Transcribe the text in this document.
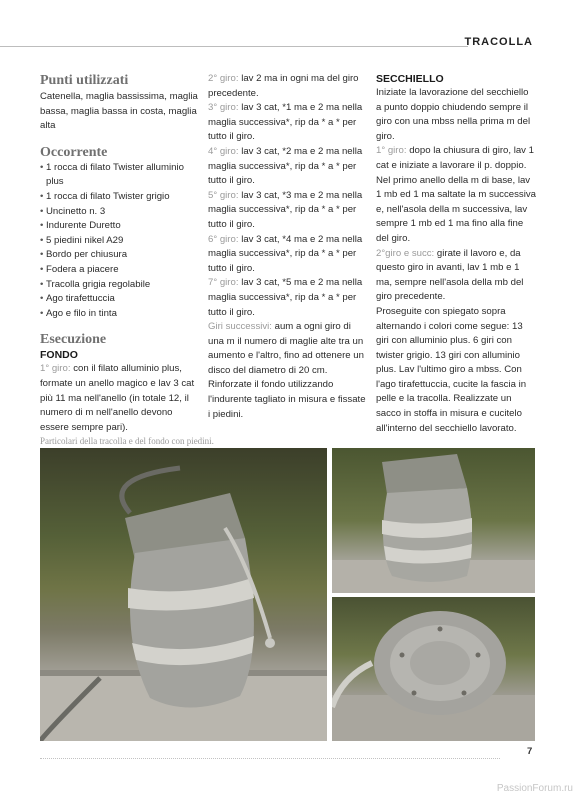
TRACOLLA
Punti utilizzati

Catenella, maglia bassissima, maglia bassa, maglia bassa in costa, maglia alta

Occorrente
• 1 rocca di filato Twister alluminio plus
• 1 rocca di filato Twister grigio
• Uncinetto n. 3
• Indurente Duretto
• 5 piedini nikel A29
• Bordo per chiusura
• Fodera a piacere
• Tracolla grigia regolabile
• Ago tirafettuccia
• Ago e filo in tinta
Esecuzione
FONDO

1° giro: con il filato alluminio plus, formate un anello magico e lav 3 cat più 11 ma nell'anello (in totale 12, il numero di m nell'anello devono essere sempre pari).

2° giro: lav 2 ma in ogni ma del giro precedente.

3° giro: lav 3 cat, *1 ma e 2 ma nella maglia successiva*, rip da * a * per tutto il giro.

4° giro: lav 3 cat, *2 ma e 2 ma nella maglia successiva*, rip da * a * per tutto il giro.

5° giro: lav 3 cat, *3 ma e 2 ma nella maglia successiva*, rip da * a * per tutto il giro.

6° giro: lav 3 cat, *4 ma e 2 ma nella maglia successiva*, rip da * a * per tutto il giro.

7° giro: lav 3 cat, *5 ma e 2 ma nella maglia successiva*, rip da * a * per tutto il giro.

Giri successivi: aum a ogni giro di una m il numero di maglie alte tra un aumento e l'altro, fino ad ottenere un disco del diametro di 20 cm.

Rinforzate il fondo utilizzando l'indurente tagliato in misura e fissate i piedini.

SECCHIELLO

Iniziate la lavorazione del secchiello a punto doppio chiudendo sempre il giro con una mbss nella prima m del giro.

1° giro: dopo la chiusura di giro, lav 1 cat e iniziate a lavorare il p. doppio. Nel primo anello della m di base, lav 1 mb ed 1 ma saltate la m successiva e, nell'asola della m successiva, lav sempre 1 mb ed 1 ma fino alla fine del giro.

2°giro e succ: girate il lavoro e, da questo giro in avanti, lav 1 mb e 1 ma, sempre nell'asola della mb del giro precedente.

Proseguite con spiegato sopra alternando i colori come segue: 13 giri con alluminio plus. 6 giri con twister grigio. 13 giri con alluminio plus. Lav l'ultimo giro a mbss. Con l'ago tirafettuccia, cucite la fascia in pelle e la tracolla. Realizzate un sacco in stoffa in misura e cucitelo all'interno del secchiello lavorato.

Particolari della tracolla e del fondo con piedini.
7
PassionForum.ru
